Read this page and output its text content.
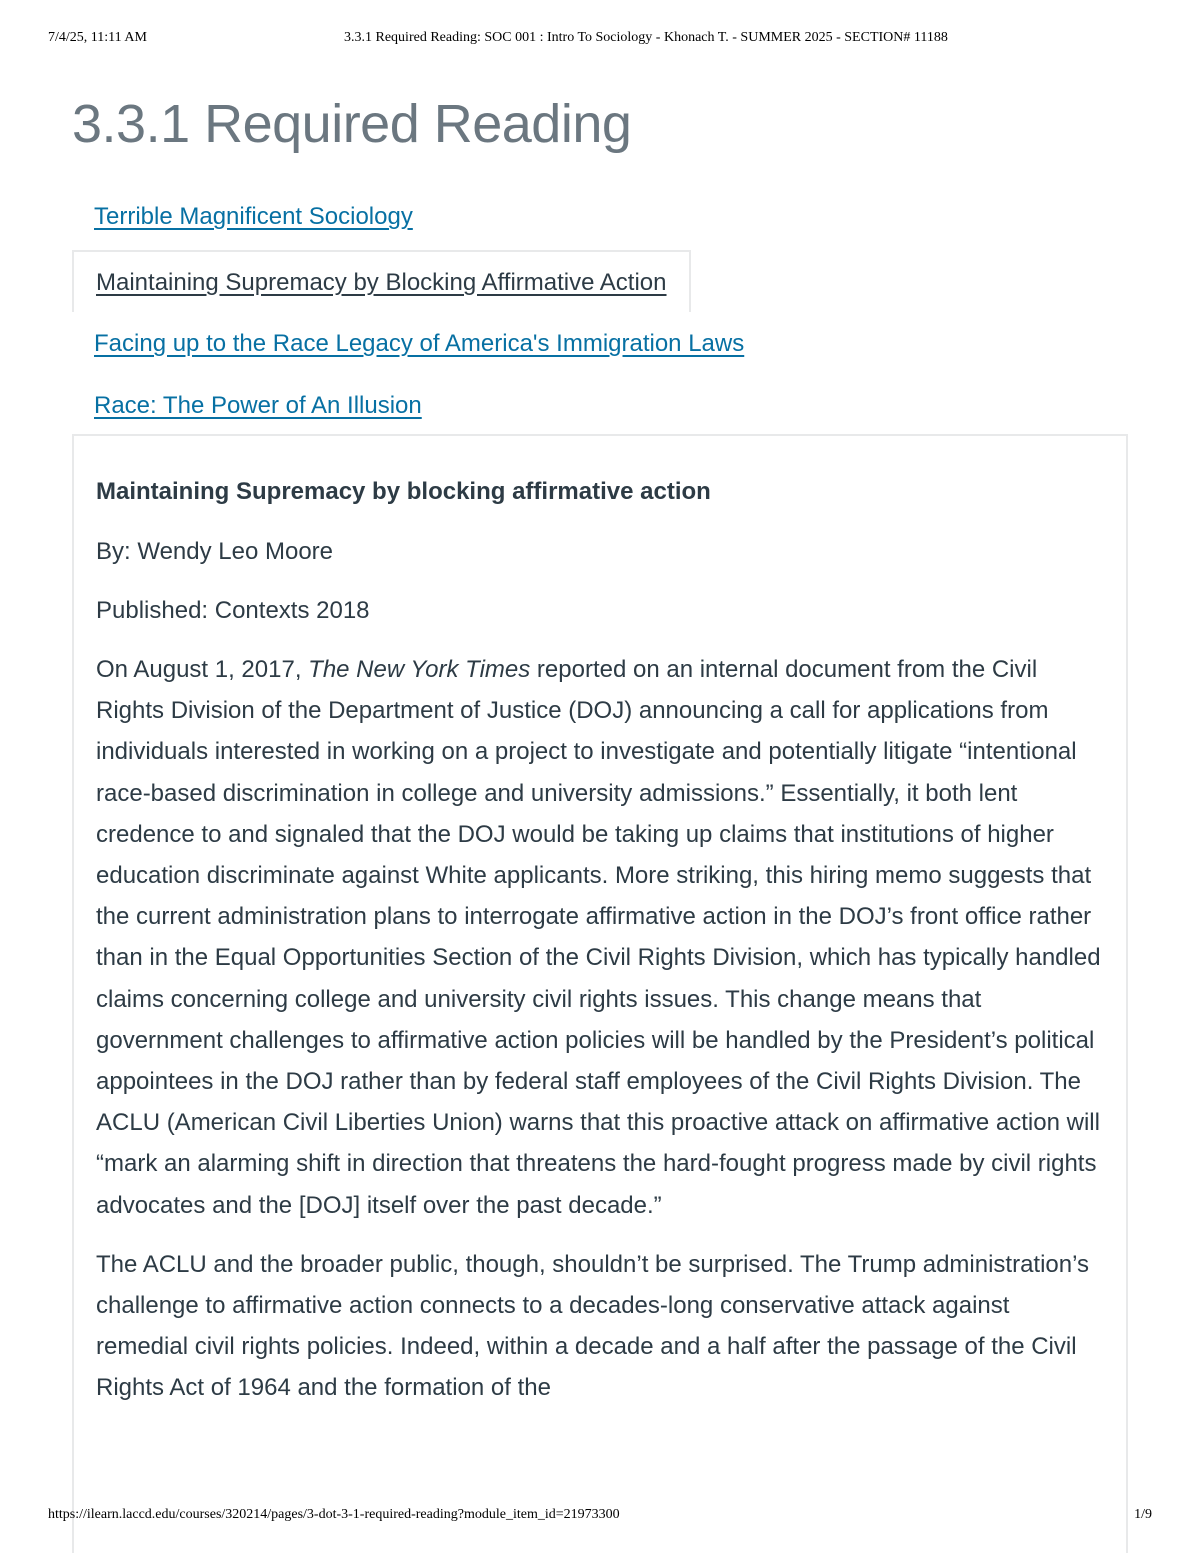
7/4/25, 11:11 AM	3.3.1 Required Reading: SOC 001 : Intro To Sociology - Khonach T. - SUMMER 2025 - SECTION# 11188
3.3.1 Required Reading
Terrible Magnificent Sociology
Maintaining Supremacy by Blocking Affirmative Action
Facing up to the Race Legacy of America's Immigration Laws
Race: The Power of An Illusion
Maintaining Supremacy by blocking affirmative action

By: Wendy Leo Moore

Published: Contexts 2018

On August 1, 2017, The New York Times reported on an internal document from the Civil Rights Division of the Department of Justice (DOJ) announcing a call for applications from individuals interested in working on a project to investigate and potentially litigate “intentional race-based discrimination in college and university admissions.” Essentially, it both lent credence to and signaled that the DOJ would be taking up claims that institutions of higher education discriminate against White applicants. More striking, this hiring memo suggests that the current administration plans to interrogate affirmative action in the DOJ’s front office rather than in the Equal Opportunities Section of the Civil Rights Division, which has typically handled claims concerning college and university civil rights issues. This change means that government challenges to affirmative action policies will be handled by the President’s political appointees in the DOJ rather than by federal staff employees of the Civil Rights Division. The ACLU (American Civil Liberties Union) warns that this proactive attack on affirmative action will “mark an alarming shift in direction that threatens the hard-fought progress made by civil rights advocates and the [DOJ] itself over the past decade.”

The ACLU and the broader public, though, shouldn’t be surprised. The Trump administration’s challenge to affirmative action connects to a decades-long conservative attack against remedial civil rights policies. Indeed, within a decade and a half after the passage of the Civil Rights Act of 1964 and the formation of the

https://ilearn.laccd.edu/courses/320214/pages/3-dot-3-1-required-reading?module_item_id=21973300	1/9
